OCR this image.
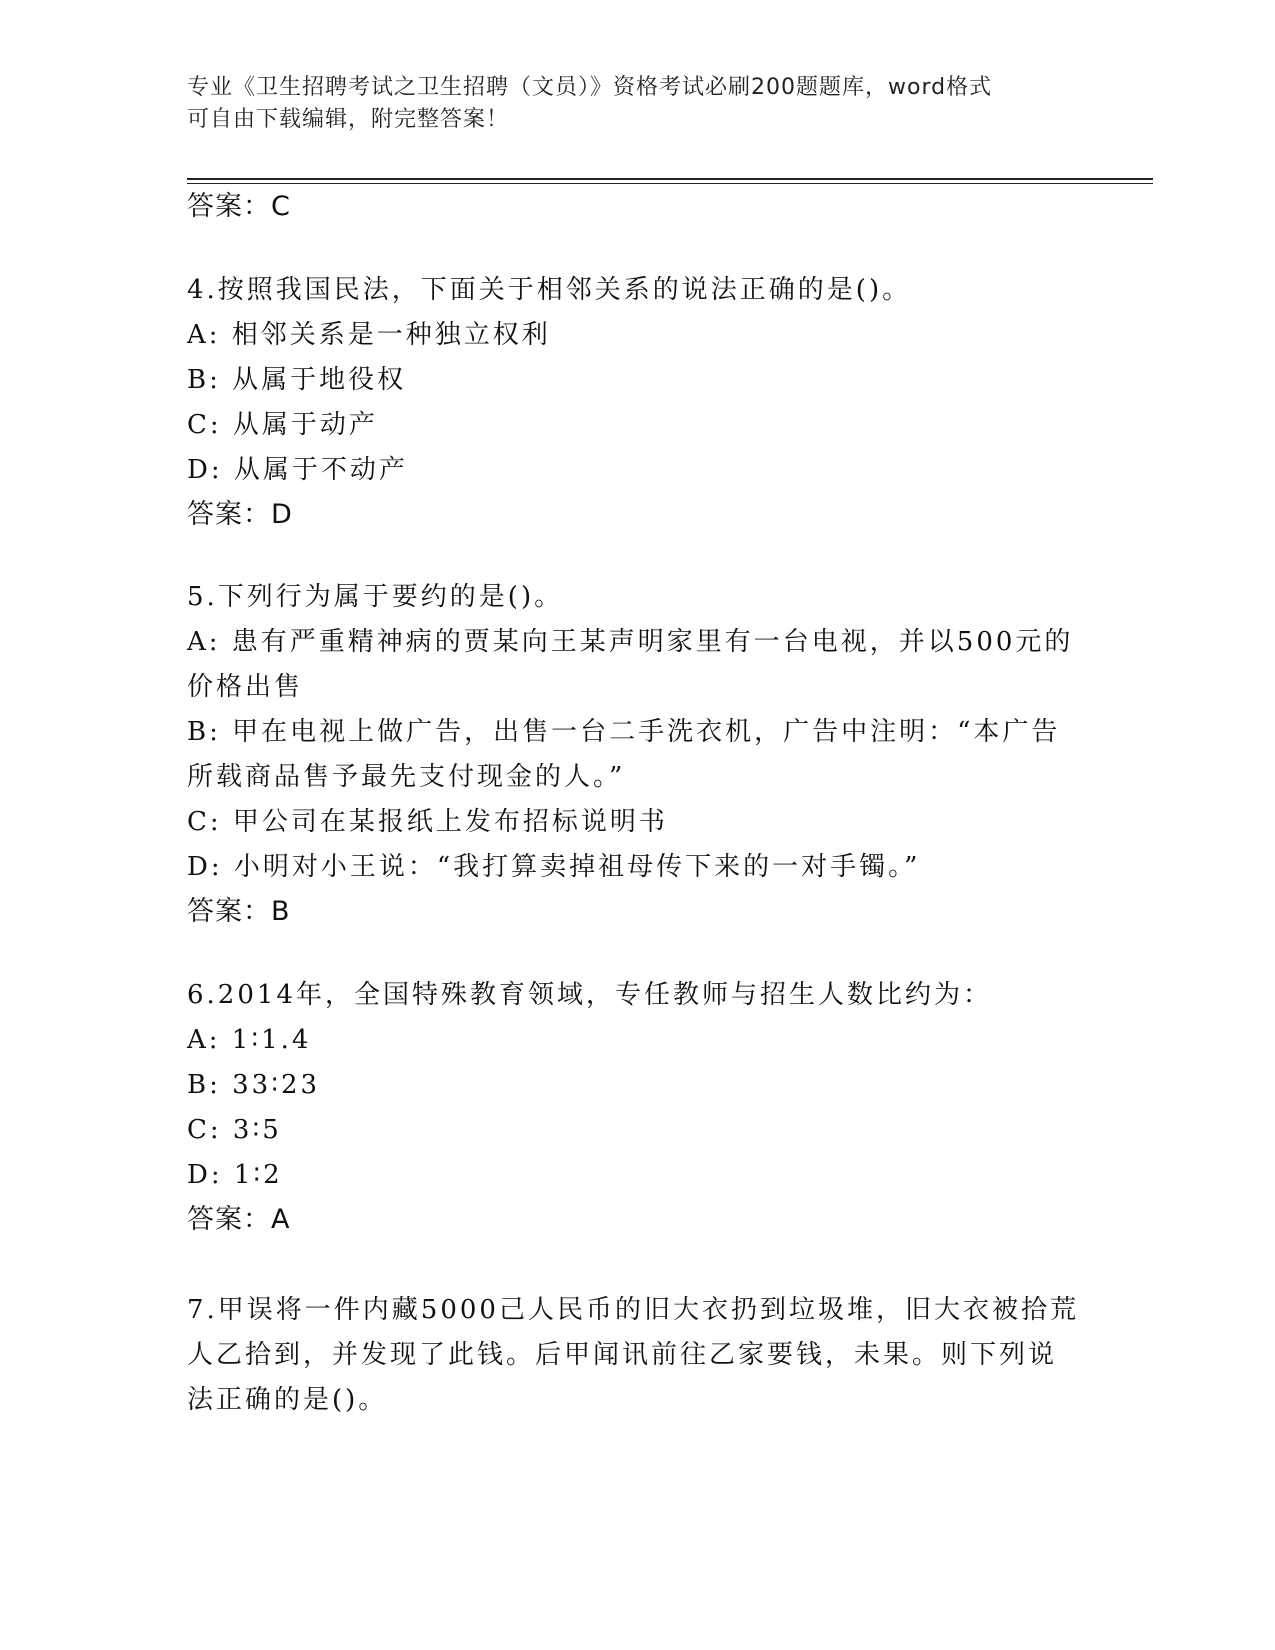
专业《卫生招聘考试之卫生招聘（文员）》资格考试必刷200题题库，word格式
可自由下载编辑，附完整答案！
答案：C
4.按照我国民法，下面关于相邻关系的说法正确的是()。
A: 相邻关系是一种独立权利
B: 从属于地役权
C: 从属于动产
D: 从属于不动产
答案：D
5.下列行为属于要约的是()。
A: 患有严重精神病的贾某向王某声明家里有一台电视，并以500元的
价格出售
B: 甲在电视上做广告，出售一台二手洗衣机，广告中注明：“本广告
所载商品售予最先支付现金的人。”
C: 甲公司在某报纸上发布招标说明书
D: 小明对小王说：“我打算卖掉祖母传下来的一对手镯。”
答案：B
6.2014年，全国特殊教育领域，专任教师与招生人数比约为：
A: 1∶1.4
B: 33∶23
C: 3∶5
D: 1∶2
答案：A
7.甲误将一件内藏5000己人民币的旧大衣扔到垃圾堆，旧大衣被拾荒
人乙拾到，并发现了此钱。后甲闻讯前往乙家要钱，未果。则下列说
法正确的是()。
